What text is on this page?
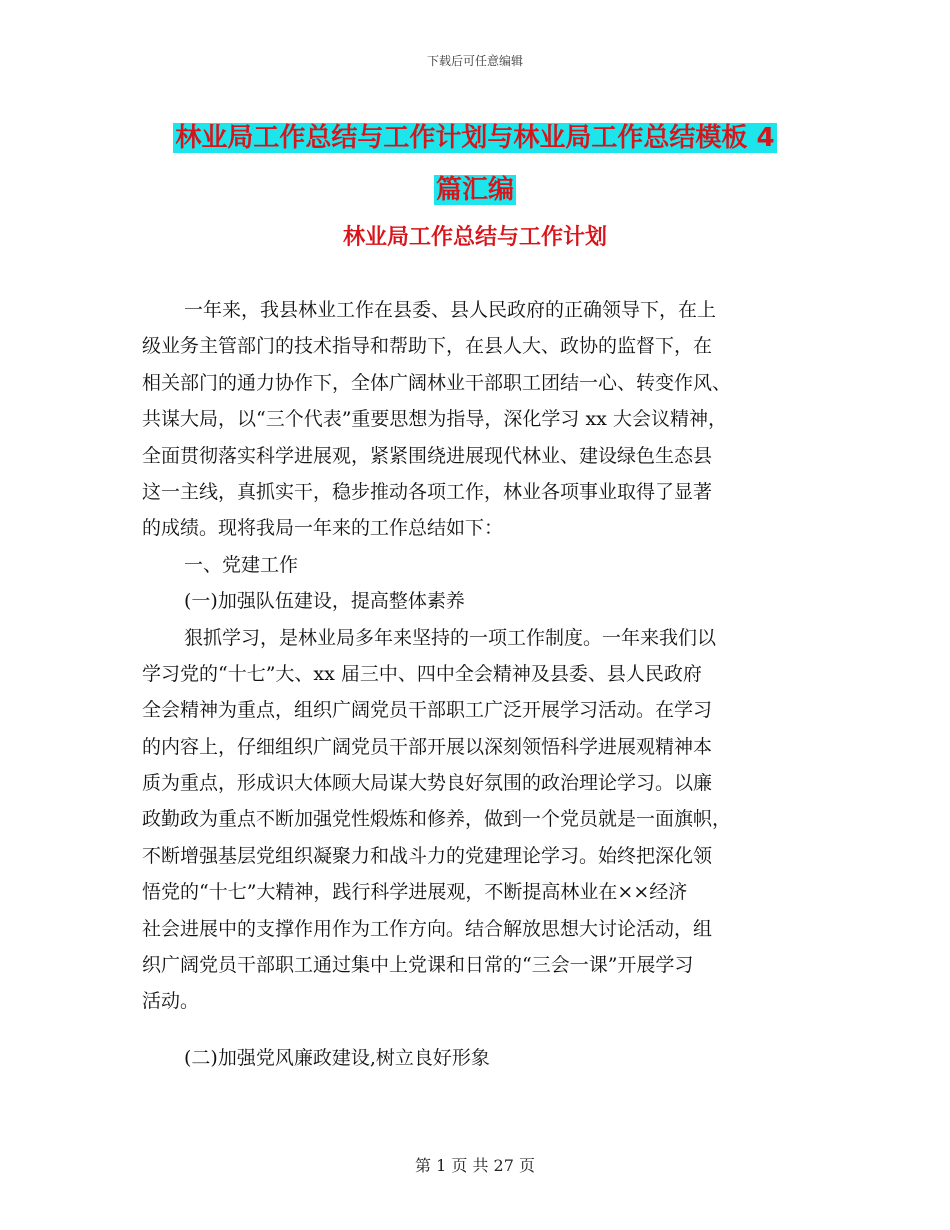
下载后可任意编辑
林业局工作总结与工作计划与林业局工作总结模板 4
篇汇编
林业局工作总结与工作计划
一年来，我县林业工作在县委、县人民政府的正确领导下，在上
级业务主管部门的技术指导和帮助下，在县人大、政协的监督下，在
相关部门的通力协作下，全体广阔林业干部职工团结一心、转变作风、
共谋大局，以“三个代表”重要思想为指导，深化学习 xx 大会议精神，
全面贯彻落实科学进展观，紧紧围绕进展现代林业、建设绿色生态县
这一主线，真抓实干，稳步推动各项工作，林业各项事业取得了显著
的成绩。现将我局一年来的工作总结如下：
一、党建工作
(一)加强队伍建设，提高整体素养
狠抓学习，是林业局多年来坚持的一项工作制度。一年来我们以
学习党的“十七”大、xx 届三中、四中全会精神及县委、县人民政府
全会精神为重点，组织广阔党员干部职工广泛开展学习活动。在学习
的内容上，仔细组织广阔党员干部开展以深刻领悟科学进展观精神本
质为重点，形成识大体顾大局谋大势良好氛围的政治理论学习。以廉
政勤政为重点不断加强党性煅炼和修养，做到一个党员就是一面旗帜，
不断增强基层党组织凝聚力和战斗力的党建理论学习。始终把深化领
悟党的“十七”大精神，践行科学进展观，不断提高林业在××经济
社会进展中的支撑作用作为工作方向。结合解放思想大讨论活动，组
织广阔党员干部职工通过集中上党课和日常的“三会一课”开展学习
活动。
(二)加强党风廉政建设,树立良好形象
第 1 页 共 27 页
